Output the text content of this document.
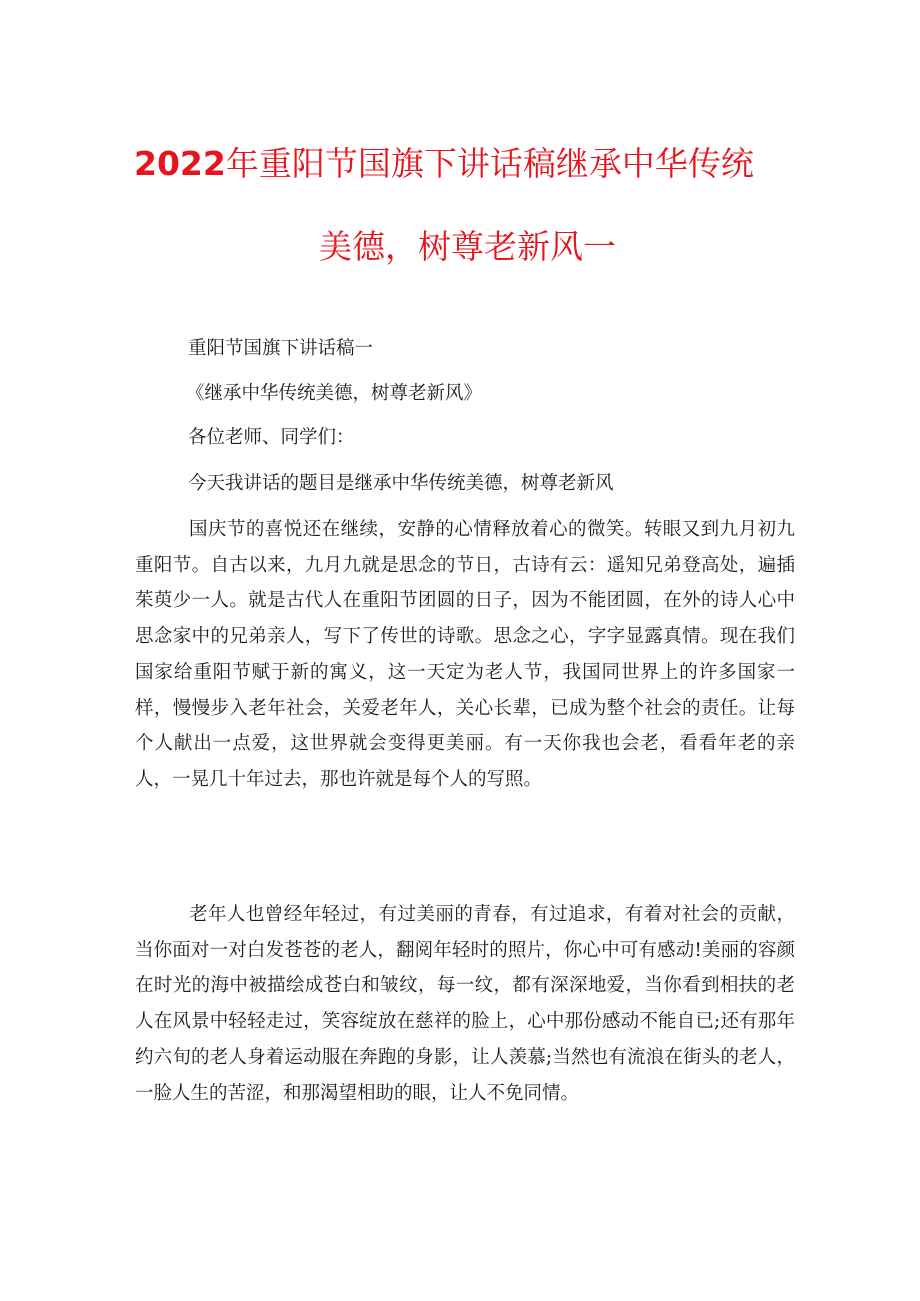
2022年重阳节国旗下讲话稿继承中华传统
美德，树尊老新风一
重阳节国旗下讲话稿一
《继承中华传统美德，树尊老新风》
各位老师、同学们：
今天我讲话的题目是继承中华传统美德，树尊老新风

国庆节的喜悦还在继续，安静的心情释放着心的微笑。转眼又到九月初九重阳节。自古以来，九月九就是思念的节日，古诗有云：遥知兄弟登高处，遍插茱萸少一人。就是古代人在重阳节团圆的日子，因为不能团圆，在外的诗人心中思念家中的兄弟亲人，写下了传世的诗歌。思念之心，字字显露真情。现在我们国家给重阳节赋于新的寓义，这一天定为老人节，我国同世界上的许多国家一样，慢慢步入老年社会，关爱老年人，关心长辈，已成为整个社会的责任。让每个人献出一点爱，这世界就会变得更美丽。有一天你我也会老，看看年老的亲人，一晃几十年过去，那也许就是每个人的写照。

老年人也曾经年轻过，有过美丽的青春，有过追求，有着对社会的贡献，当你面对一对白发苍苍的老人，翻阅年轻时的照片，你心中可有感动!美丽的容颜在时光的海中被描绘成苍白和皱纹，每一纹，都有深深地爱，当你看到相扶的老人在风景中轻轻走过，笑容绽放在慈祥的脸上，心中那份感动不能自已;还有那年约六旬的老人身着运动服在奔跑的身影，让人羡慕;当然也有流浪在街头的老人，一脸人生的苦涩，和那渴望相助的眼，让人不免同情。
